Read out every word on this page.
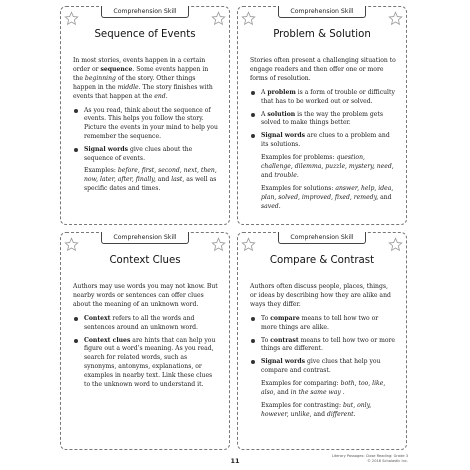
Comprehension Skill
Sequence of Events

In most stories, events happen in a certain order or sequence. Some events happen in the beginning of the story. Other things happen in the middle. The story finishes with events that happen at the end.

As you read, think about the sequence of events. This helps you follow the story. Picture the events in your mind to help you remember the sequence.
Signal words give clues about the sequence of events.

Examples: before, first, second, next, then, now, later, after, finally, and last, as well as specific dates and times.

Comprehension Skill
Problem & Solution

Stories often present a challenging situation to engage readers and then offer one or more forms of resolution.

A problem is a form of trouble or difficulty that has to be worked out or solved.
A solution is the way the problem gets solved to make things better.
Signal words are clues to a problem and its solutions.

Examples for problems: question, challenge, dilemma, puzzle, mystery, need, and trouble.

Examples for solutions: answer, help, idea, plan, solved, improved, fixed, remedy, and saved.

Comprehension Skill
Context Clues

Authors may use words you may not know. But nearby words or sentences can offer clues about the meaning of an unknown word.

Context refers to all the words and sentences around an unknown word.
Context clues are hints that can help you figure out a word’s meaning. As you read, search for related words, such as synonyms, antonyms, explanations, or examples in nearby text. Link these clues to the unknown word to understand it.
Comprehension Skill
Compare & Contrast

Authors often discuss people, places, things, or ideas by describing how they are alike and ways they differ.

To compare means to tell how two or more things are alike.
To contrast means to tell how two or more things are different.
Signal words give clues that help you compare and contrast.

Examples for comparing: both, too, like, also, and in the same way .

Examples for contrasting: but, only, however, unlike, and different.

11
Literary Passages: Close Reading: Grade 3
© 2016 Scholastic Inc.
